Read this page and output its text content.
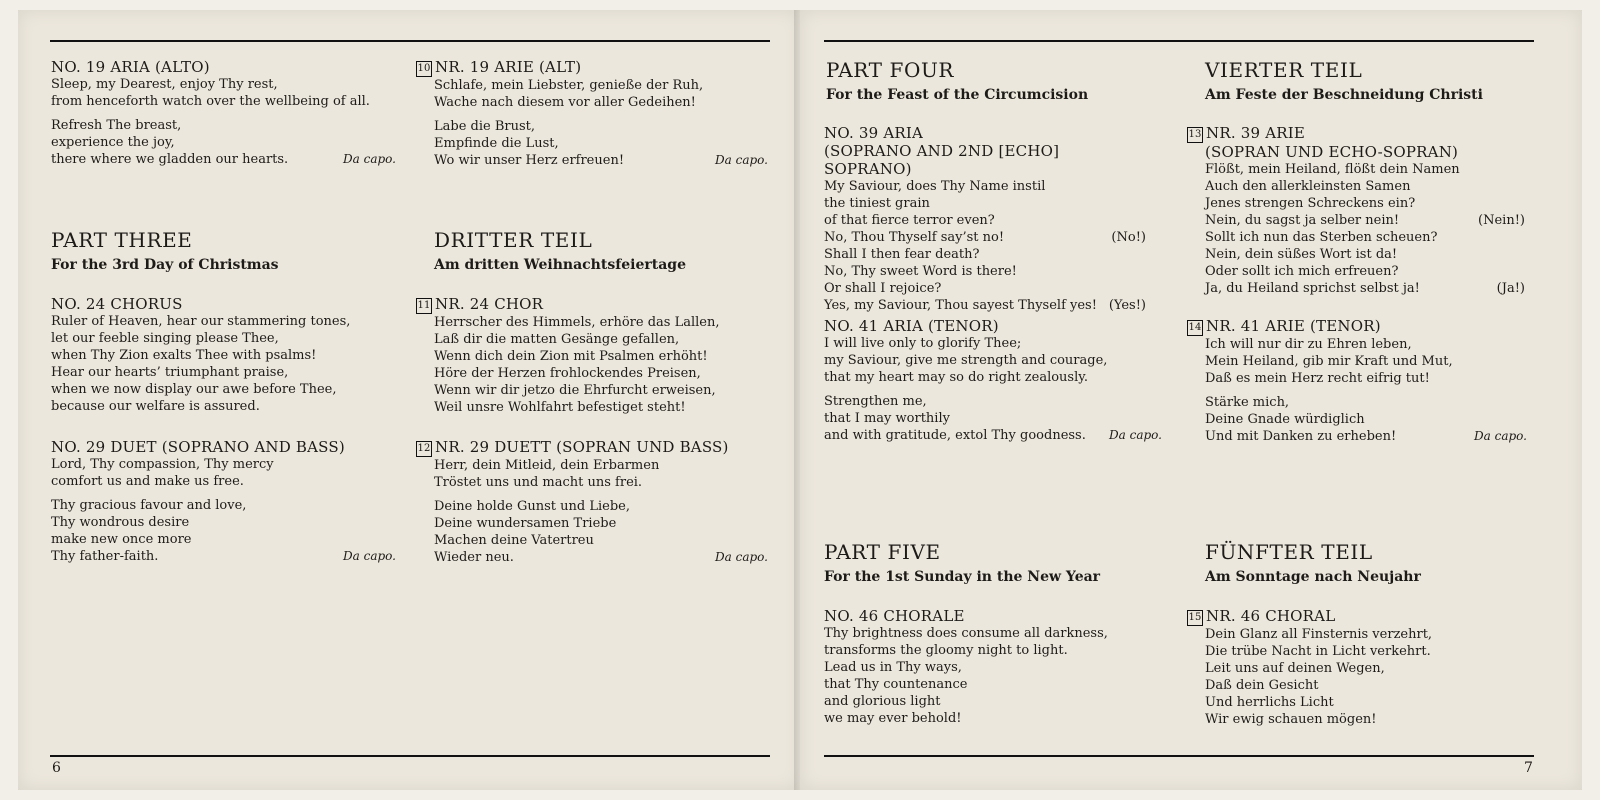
NO. 19 ARIA (ALTO)

Sleep, my Dearest, enjoy Thy rest,

from henceforth watch over the wellbeing of all.

Refresh The breast,

experience the joy,

there where we gladden our hearts.	Da capo.

10 NR. 19 ARIE (ALT)

Schlafe, mein Liebster, genieße der Ruh,

Wache nach diesem vor aller Gedeihen!

Labe die Brust,

Empfinde die Lust,

Wo wir unser Herz erfreuen!	Da capo.

PART THREE

For the 3rd Day of Christmas

DRITTER TEIL

Am dritten Weihnachtsfeiertage

NO. 24 CHORUS

Ruler of Heaven, hear our stammering tones,

let our feeble singing please Thee,

when Thy Zion exalts Thee with psalms!

Hear our hearts’ triumphant praise,

when we now display our awe before Thee,

because our welfare is assured.

11 NR. 24 CHOR

Herrscher des Himmels, erhöre das Lallen,

Laß dir die matten Gesänge gefallen,

Wenn dich dein Zion mit Psalmen erhöht!

Höre der Herzen frohlockendes Preisen,

Wenn wir dir jetzo die Ehrfurcht erweisen,

Weil unsre Wohlfahrt befestiget steht!

NO. 29 DUET (SOPRANO AND BASS)

Lord, Thy compassion, Thy mercy

comfort us and make us free.

Thy gracious favour and love,

Thy wondrous desire

make new once more

Thy father-faith.	Da capo.

12 NR. 29 DUETT (SOPRAN UND BASS)

Herr, dein Mitleid, dein Erbarmen

Tröstet uns und macht uns frei.

Deine holde Gunst und Liebe,

Deine wundersamen Triebe

Machen deine Vatertreu

Wieder neu.	Da capo.

6

PART FOUR

For the Feast of the Circumcision

VIERTER TEIL

Am Feste der Beschneidung Christi

NO. 39 ARIA

(SOPRANO AND 2ND [ECHO] SOPRANO)

My Saviour, does Thy Name instil

the tiniest grain

of that fierce terror even?

No, Thou Thyself say’st no!	(No!)

Shall I then fear death?

No, Thy sweet Word is there!

Or shall I rejoice?

Yes, my Saviour, Thou sayest Thyself yes! (Yes!)

13 NR. 39 ARIE

(SOPRAN UND ECHO-SOPRAN)

Flößt, mein Heiland, flößt dein Namen

Auch den allerkleinsten Samen

Jenes strengen Schreckens ein?

Nein, du sagst ja selber nein!	(Nein!)

Sollt ich nun das Sterben scheuen?

Nein, dein süßes Wort ist da!

Oder sollt ich mich erfreuen?

Ja, du Heiland sprichst selbst ja!	(Ja!)

NO. 41 ARIA (TENOR)

I will live only to glorify Thee;

my Saviour, give me strength and courage,

that my heart may so do right zealously.

Strengthen me,

that I may worthily

and with gratitude, extol Thy goodness. Da capo.

14 NR. 41 ARIE (TENOR)

Ich will nur dir zu Ehren leben,

Mein Heiland, gib mir Kraft und Mut,

Daß es mein Herz recht eifrig tut!

Stärke mich,

Deine Gnade würdiglich

Und mit Danken zu erheben!	Da capo.

PART FIVE

For the 1st Sunday in the New Year

FÜNFTER TEIL

Am Sonntage nach Neujahr

NO. 46 CHORALE

Thy brightness does consume all darkness,

transforms the gloomy night to light.

Lead us in Thy ways,

that Thy countenance

and glorious light

we may ever behold!

15 NR. 46 CHORAL

Dein Glanz all Finsternis verzehrt,

Die trübe Nacht in Licht verkehrt.

Leit uns auf deinen Wegen,

Daß dein Gesicht

Und herrlichs Licht

Wir ewig schauen mögen!

7
